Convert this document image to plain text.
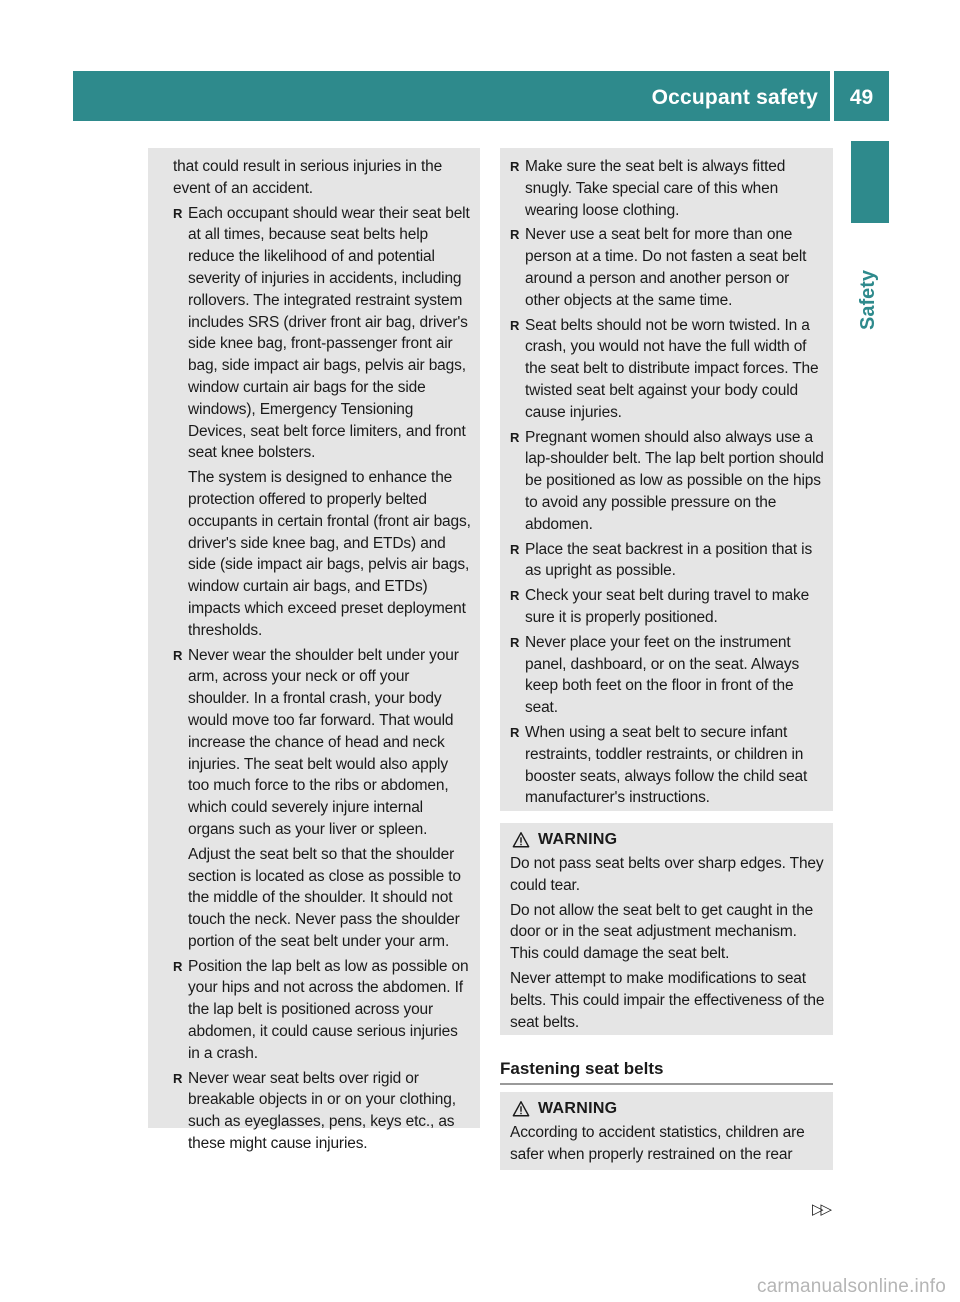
Occupant safety	49
Safety
that could result in serious injuries in the event of an accident.
R Each occupant should wear their seat belt at all times, because seat belts help reduce the likelihood of and potential severity of injuries in accidents, including rollovers. The integrated restraint system includes SRS (driver front air bag, driver's side knee bag, front-passenger front air bag, side impact air bags, pelvis air bags, window curtain air bags for the side windows), Emergency Tensioning Devices, seat belt force limiters, and front seat knee bolsters.
The system is designed to enhance the protection offered to properly belted occupants in certain frontal (front air bags, driver's side knee bag, and ETDs) and side (side impact air bags, pelvis air bags, window curtain air bags, and ETDs) impacts which exceed preset deployment thresholds.
R Never wear the shoulder belt under your arm, across your neck or off your shoulder. In a frontal crash, your body would move too far forward. That would increase the chance of head and neck injuries. The seat belt would also apply too much force to the ribs or abdomen, which could severely injure internal organs such as your liver or spleen.
Adjust the seat belt so that the shoulder section is located as close as possible to the middle of the shoulder. It should not touch the neck. Never pass the shoulder portion of the seat belt under your arm.
R Position the lap belt as low as possible on your hips and not across the abdomen. If the lap belt is positioned across your abdomen, it could cause serious injuries in a crash.
R Never wear seat belts over rigid or breakable objects in or on your clothing, such as eyeglasses, pens, keys etc., as these might cause injuries.
R Make sure the seat belt is always fitted snugly. Take special care of this when wearing loose clothing.
R Never use a seat belt for more than one person at a time. Do not fasten a seat belt around a person and another person or other objects at the same time.
R Seat belts should not be worn twisted. In a crash, you would not have the full width of the seat belt to distribute impact forces. The twisted seat belt against your body could cause injuries.
R Pregnant women should also always use a lap-shoulder belt. The lap belt portion should be positioned as low as possible on the hips to avoid any possible pressure on the abdomen.
R Place the seat backrest in a position that is as upright as possible.
R Check your seat belt during travel to make sure it is properly positioned.
R Never place your feet on the instrument panel, dashboard, or on the seat. Always keep both feet on the floor in front of the seat.
R When using a seat belt to secure infant restraints, toddler restraints, or children in booster seats, always follow the child seat manufacturer's instructions.
WARNING
Do not pass seat belts over sharp edges. They could tear.
Do not allow the seat belt to get caught in the door or in the seat adjustment mechanism. This could damage the seat belt.
Never attempt to make modifications to seat belts. This could impair the effectiveness of the seat belts.
Fastening seat belts
WARNING
According to accident statistics, children are safer when properly restrained on the rear
▷▷
carmanualsonline.info
